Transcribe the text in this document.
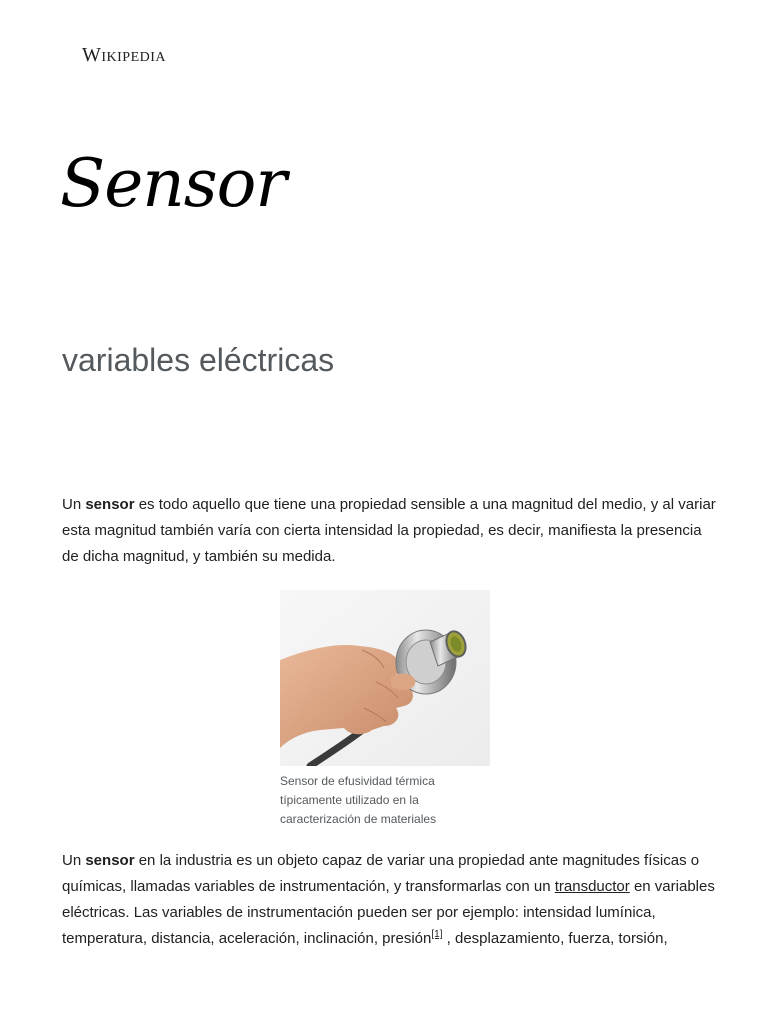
Wikipedia
Sensor
variables eléctricas

Un sensor es todo aquello que tiene una propiedad sensible a una magnitud del medio, y al variar esta magnitud también varía con cierta intensidad la propiedad, es decir, manifiesta la presencia de dicha magnitud, y también su medida.

Sensor de efusividad térmica típicamente utilizado en la caracterización de materiales

Un sensor en la industria es un objeto capaz de variar una propiedad ante magnitudes físicas o químicas, llamadas variables de instrumentación, y transformarlas con un transductor en variables eléctricas. Las variables de instrumentación pueden ser por ejemplo: intensidad lumínica, temperatura, distancia, aceleración, inclinación, presión[1] , desplazamiento, fuerza, torsión,
